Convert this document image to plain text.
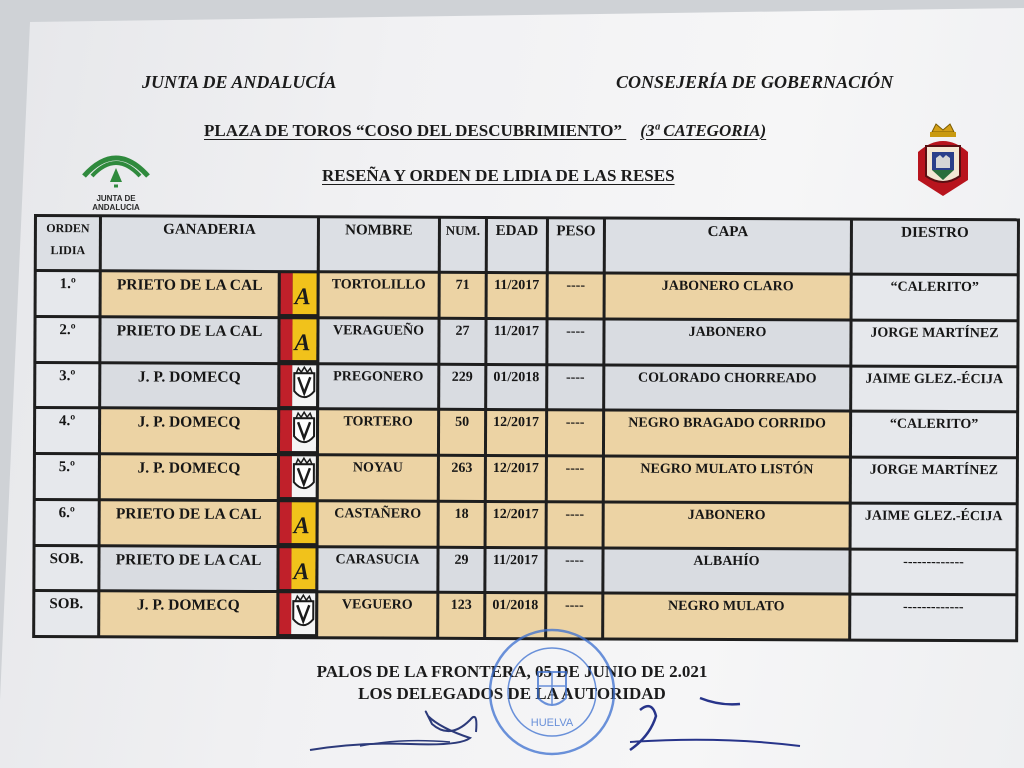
JUNTA DE ANDALUCÍA	CONSEJERÍA DE GOBERNACIÓN
PLAZA DE TOROS “COSO DEL DESCUBRIMIENTO” (3ª CATEGORIA)
RESEÑA Y ORDEN DE LIDIA DE LAS RESES
JUNTA DE ANDALUCIA
ORDEN LIDIA	GANADERIA		NOMBRE	NUM.	EDAD	PESO	CAPA	DIESTRO
1.º	PRIETO DE LA CAL	A	TORTOLILLO	71	11/2017	----	JABONERO CLARO	“CALERITO”
2.º	PRIETO DE LA CAL	A	VERAGUEÑO	27	11/2017	----	JABONERO	JORGE MARTÍNEZ
3.º	J. P. DOMECQ		PREGONERO	229	01/2018	----	COLORADO CHORREADO	JAIME GLEZ.-ÉCIJA
4.º	J. P. DOMECQ		TORTERO	50	12/2017	----	NEGRO BRAGADO CORRIDO	“CALERITO”
5.º	J. P. DOMECQ		NOYAU	263	12/2017	----	NEGRO MULATO LISTÓN	JORGE MARTÍNEZ
6.º	PRIETO DE LA CAL	A	CASTAÑERO	18	12/2017	----	JABONERO	JAIME GLEZ.-ÉCIJA
SOB.	PRIETO DE LA CAL	A	CARASUCIA	29	11/2017	----	ALBAHÍO	-------------
SOB.	J. P. DOMECQ		VEGUERO	123	01/2018	----	NEGRO MULATO	-------------
PALOS DE LA FRONTERA, 05 DE JUNIO DE 2.021
LOS DELEGADOS DE LA AUTORIDAD
HUELVA
